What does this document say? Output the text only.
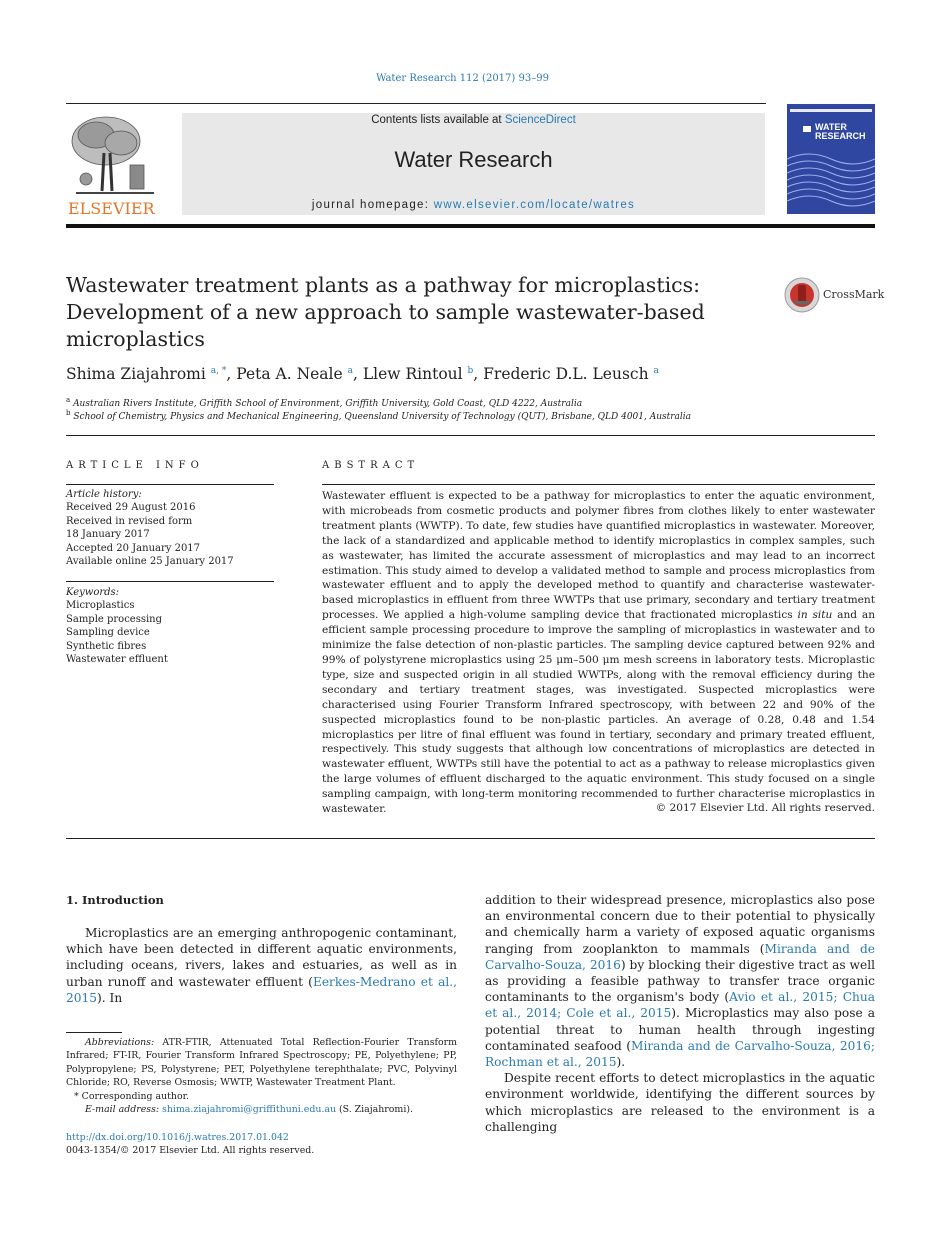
Water Research 112 (2017) 93–99
ELSEVIER
Contents lists available at ScienceDirect
Water Research
journal homepage: www.elsevier.com/locate/watres
WATER
RESEARCH
Wastewater treatment plants as a pathway for microplastics:
Development of a new approach to sample wastewater-based
microplastics
CrossMark
Shima Ziajahromi $^{a, *}$, Peta A. Neale $^a$, Llew Rintoul $^b$, Frederic D.L. Leusch $^a$
$^a$ Australian Rivers Institute, Griffith School of Environment, Griffith University, Gold Coast, QLD 4222, Australia
$^b$ School of Chemistry, Physics and Mechanical Engineering, Queensland University of Technology (QUT), Brisbane, QLD 4001, Australia
ARTICLE INFO	ABSTRACT
Article history:
Received 29 August 2016
Received in revised form
18 January 2017
Accepted 20 January 2017
Available online 25 January 2017
Keywords:
Microplastics
Sample processing
Sampling device
Synthetic fibres
Wastewater effluent
Wastewater effluent is expected to be a pathway for microplastics to enter the aquatic environment, with microbeads from cosmetic products and polymer fibres from clothes likely to enter wastewater treatment plants (WWTP). To date, few studies have quantified microplastics in wastewater. Moreover, the lack of a standardized and applicable method to identify microplastics in complex samples, such as wastewater, has limited the accurate assessment of microplastics and may lead to an incorrect estimation. This study aimed to develop a validated method to sample and process microplastics from wastewater effluent and to apply the developed method to quantify and characterise wastewater-based microplastics in effluent from three WWTPs that use primary, secondary and tertiary treatment processes. We applied a high-volume sampling device that fractionated microplastics in situ and an efficient sample processing procedure to improve the sampling of microplastics in wastewater and to minimize the false detection of non-plastic particles. The sampling device captured between 92% and 99% of polystyrene microplastics using 25 μm–500 μm mesh screens in laboratory tests. Microplastic type, size and suspected origin in all studied WWTPs, along with the removal efficiency during the secondary and tertiary treatment stages, was investigated. Suspected microplastics were characterised using Fourier Transform Infrared spectroscopy, with between 22 and 90% of the suspected microplastics found to be non-plastic particles. An average of 0.28, 0.48 and 1.54 microplastics per litre of final effluent was found in tertiary, secondary and primary treated effluent, respectively. This study suggests that although low concentrations of microplastics are detected in wastewater effluent, WWTPs still have the potential to act as a pathway to release microplastics given the large volumes of effluent discharged to the aquatic environment. This study focused on a single sampling campaign, with long-term monitoring recommended to further characterise microplastics in wastewater.	© 2017 Elsevier Ltd. All rights reserved.
1. Introduction

Microplastics are an emerging anthropogenic contaminant, which have been detected in different aquatic environments, including oceans, rivers, lakes and estuaries, as well as in urban runoff and wastewater effluent (Eerkes-Medrano et al., 2015). In

Abbreviations: ATR-FTIR, Attenuated Total Reflection-Fourier Transform Infrared; FT-IR, Fourier Transform Infrared Spectroscopy; PE, Polyethylene; PP, Polypropylene; PS, Polystyrene; PET, Polyethylene terephthalate; PVC, Polyvinyl Chloride; RO, Reverse Osmosis; WWTP, Wastewater Treatment Plant.
* Corresponding author.
E-mail address: shima.ziajahromi@griffithuni.edu.au (S. Ziajahromi).

addition to their widespread presence, microplastics also pose an environmental concern due to their potential to physically and chemically harm a variety of exposed aquatic organisms ranging from zooplankton to mammals (Miranda and de Carvalho-Souza, 2016) by blocking their digestive tract as well as providing a feasible pathway to transfer trace organic contaminants to the organism's body (Avio et al., 2015; Chua et al., 2014; Cole et al., 2015). Microplastics may also pose a potential threat to human health through ingesting contaminated seafood (Miranda and de Carvalho-Souza, 2016; Rochman et al., 2015).

Despite recent efforts to detect microplastics in the aquatic environment worldwide, identifying the different sources by which microplastics are released to the environment is a challenging

http://dx.doi.org/10.1016/j.watres.2017.01.042
0043-1354/© 2017 Elsevier Ltd. All rights reserved.
